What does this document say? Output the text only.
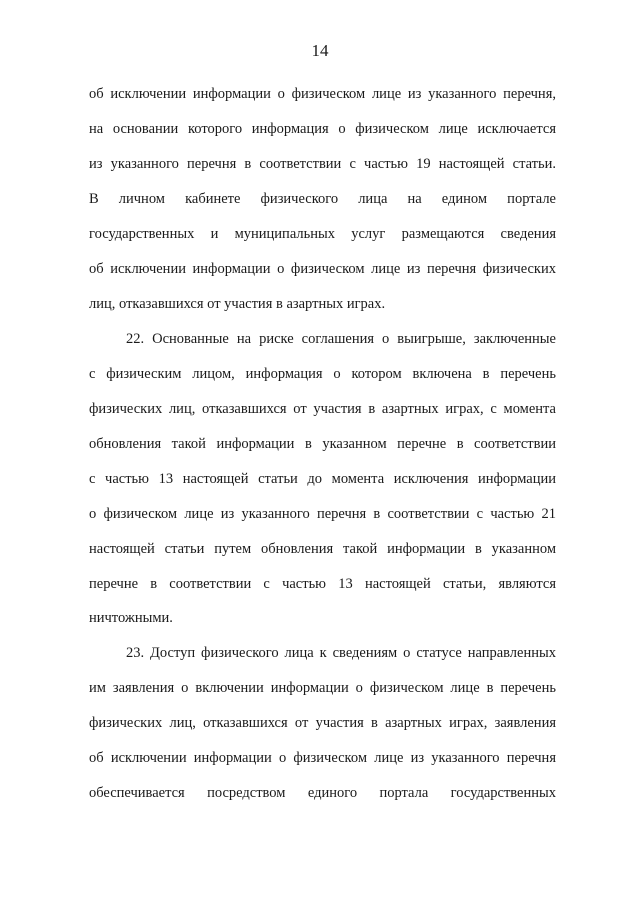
14
об исключении информации о физическом лице из указанного перечня,
на основании которого информация о физическом лице исключается
из указанного перечня в соответствии с частью 19 настоящей статьи.
В личном кабинете физического лица на едином портале
государственных и муниципальных услуг размещаются сведения
об исключении информации о физическом лице из перечня физических
лиц, отказавшихся от участия в азартных играх.
22. Основанные на риске соглашения о выигрыше, заключенные
с физическим лицом, информация о котором включена в перечень
физических лиц, отказавшихся от участия в азартных играх, с момента
обновления такой информации в указанном перечне в соответствии
с частью 13 настоящей статьи до момента исключения информации
о физическом лице из указанного перечня в соответствии с частью 21
настоящей статьи путем обновления такой информации в указанном
перечне в соответствии с частью 13 настоящей статьи, являются
ничтожными.
23. Доступ физического лица к сведениям о статусе направленных
им заявления о включении информации о физическом лице в перечень
физических лиц, отказавшихся от участия в азартных играх, заявления
об исключении информации о физическом лице из указанного перечня
обеспечивается посредством единого портала государственных
